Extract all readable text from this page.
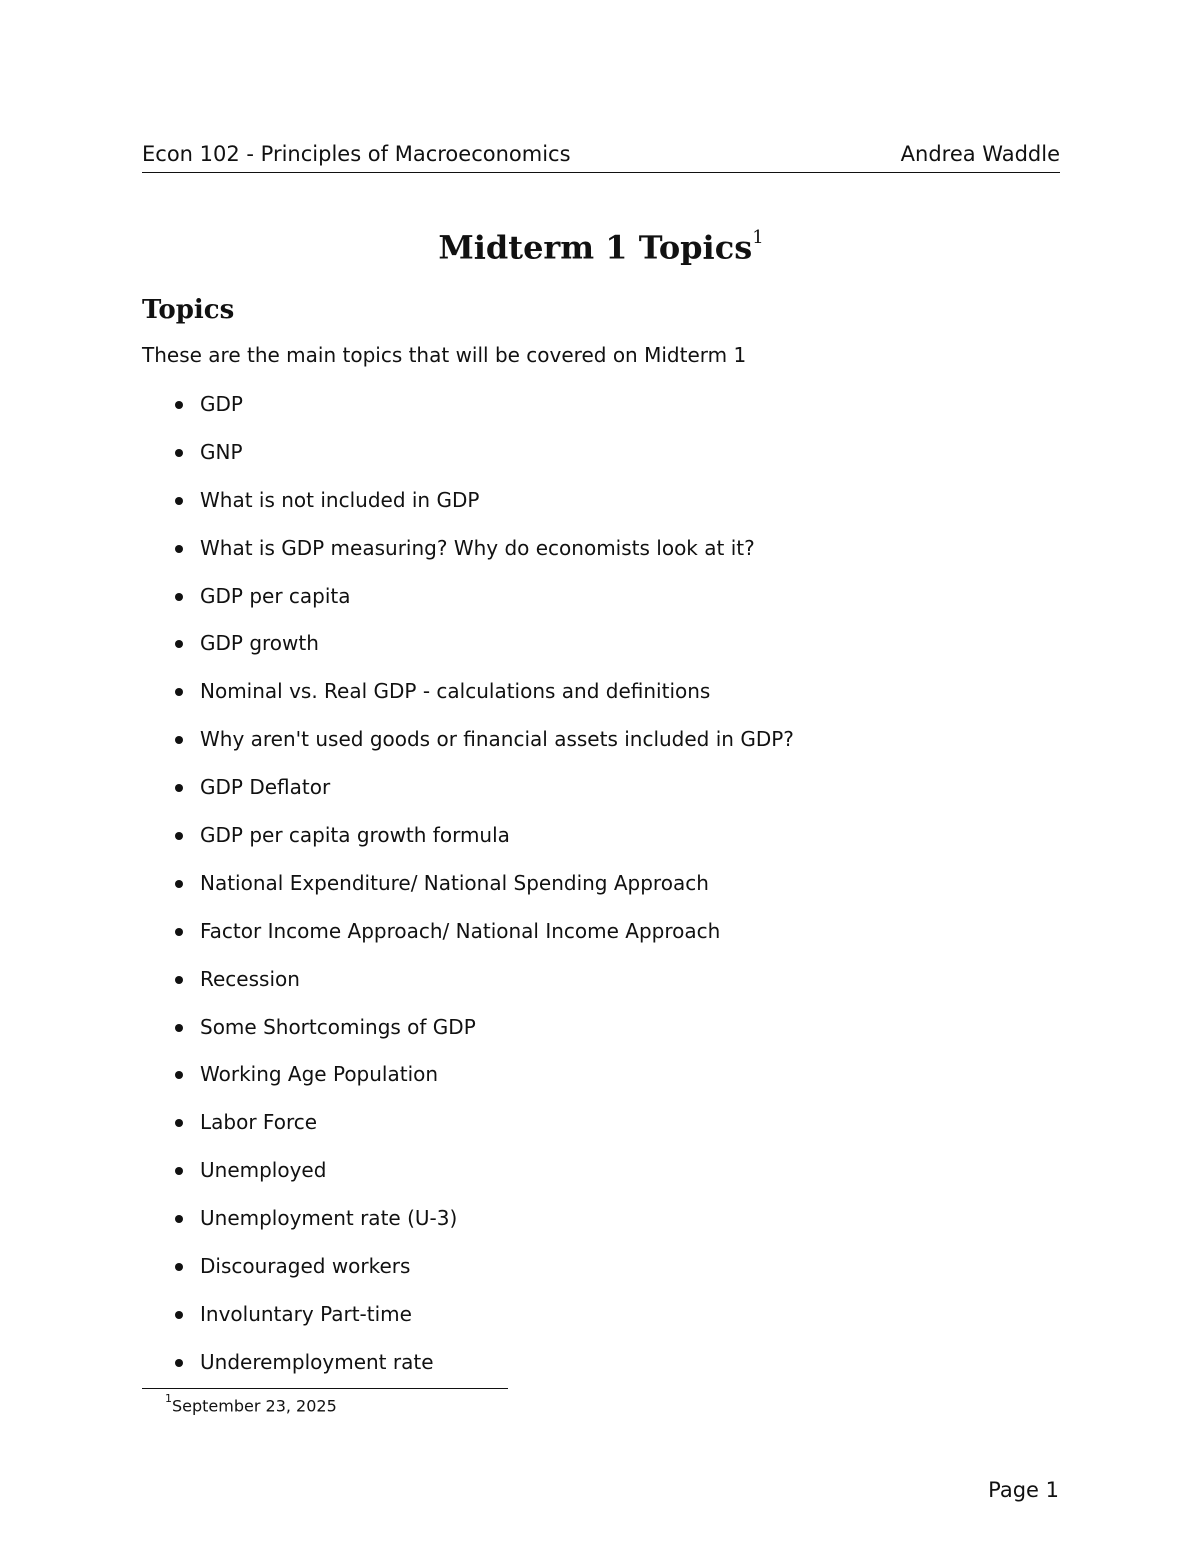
Econ 102 - Principles of Macroeconomics	Andrea Waddle
Midterm 1 Topics$^1$
Topics
These are the main topics that will be covered on Midterm 1
GDP
GNP
What is not included in GDP
What is GDP measuring? Why do economists look at it?
GDP per capita
GDP growth
Nominal vs. Real GDP - calculations and definitions
Why aren't used goods or financial assets included in GDP?
GDP Deflator
GDP per capita growth formula
National Expenditure/ National Spending Approach
Factor Income Approach/ National Income Approach
Recession
Some Shortcomings of GDP
Working Age Population
Labor Force
Unemployed
Unemployment rate (U-3)
Discouraged workers
Involuntary Part-time
Underemployment rate
$^1$September 23, 2025
Page 1
